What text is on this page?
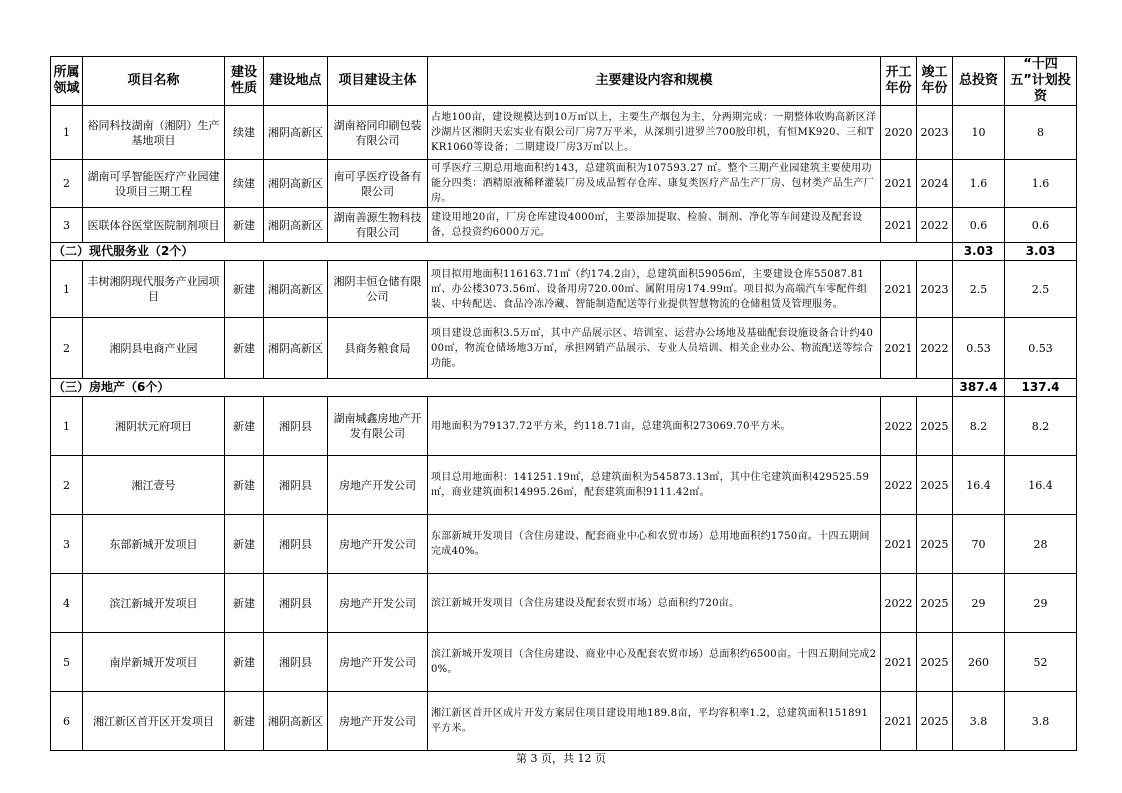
所属领域	项目名称	建设性质	建设地点	项目建设主体	主要建设内容和规模	开工年份	竣工年份	总投资	“十四五”计划投资
1	裕同科技湖南（湘阴）生产基地项目	续建	湘阴高新区	湖南裕同印刷包装有限公司	占地100亩，建设规模达到10万㎡以上，主要生产烟包为主，分两期完成：一期整体收购高新区洋沙湖片区湘阴天宏实业有限公司厂房7万平米，从深圳引进罗兰700胶印机，有恒MK920、三和TKR1060等设备；二期建设厂房3万㎡以上。	2020	2023	10	8
2	湖南可孚智能医疗产业园建设项目三期工程	续建	湘阴高新区	南可孚医疗设备有限公司	可孚医疗三期总用地面积约143，总建筑面积为107593.27 ㎡。整个三期产业园建筑主要使用功能分四类：酒精原液稀释灌装厂房及成品暂存仓库、康复类医疗产品生产厂房、包材类产品生产厂房。	2021	2024	1.6	1.6
3	医联体谷医堂医院制剂项目	新建	湘阴高新区	湖南善源生物科技有限公司	建设用地20亩，厂房仓库建设4000㎡，主要添加提取、检验、制剂、净化等车间建设及配套设备，总投资约6000万元。	2021	2022	0.6	0.6
（二）现代服务业（2个）								3.03	3.03
1	丰树湘阴现代服务产业园项目	新建	湘阴高新区	湘阴丰恒仓储有限公司	项目拟用地面积116163.71㎡（约174.2亩），总建筑面积59056㎡，主要建设仓库55087.81㎡、办公楼3073.56㎡、设备用房720.00㎡、属附用房174.99㎡。项目拟为高端汽车零配件组装、中转配送、食品冷冻冷藏、智能制造配送等行业提供智慧物流的仓储租赁及管理服务。	2021	2023	2.5	2.5
2	湘阴县电商产业园	新建	湘阴高新区	县商务粮食局	项目建设总面积3.5万㎡，其中产品展示区、培训室、运营办公场地及基础配套设施设备合计约4000㎡，物流仓储场地3万㎡，承担网销产品展示、专业人员培训、相关企业办公、物流配送等综合功能。	2021	2022	0.53	0.53
（三）房地产（6个）								387.4	137.4
1	湘阴状元府项目	新建	湘阴县	湖南城鑫房地产开发有限公司	用地面积为79137.72平方米，约118.71亩，总建筑面积273069.70平方米。	2022	2025	8.2	8.2
2	湘江壹号	新建	湘阴县	房地产开发公司	项目总用地面积：141251.19㎡，总建筑面积为545873.13㎡，其中住宅建筑面积429525.59㎡，商业建筑面积14995.26㎡，配套建筑面积9111.42㎡。	2022	2025	16.4	16.4
3	东部新城开发项目	新建	湘阴县	房地产开发公司	东部新城开发项目（含住房建设、配套商业中心和农贸市场）总用地面积约1750亩。十四五期间完成40%。	2021	2025	70	28
4	滨江新城开发项目	新建	湘阴县	房地产开发公司	滨江新城开发项目（含住房建设及配套农贸市场）总面积约720亩。	2022	2025	29	29
5	南岸新城开发项目	新建	湘阴县	房地产开发公司	滨江新城开发项目（含住房建设、商业中心及配套农贸市场）总面积约6500亩。十四五期间完成20%。	2021	2025	260	52
6	湘江新区首开区开发项目	新建	湘阴高新区	房地产开发公司	湘江新区首开区成片开发方案居住项目建设用地189.8亩，平均容积率1.2，总建筑面积151891平方米。	2021	2025	3.8	3.8
第 3 页，共 12 页
